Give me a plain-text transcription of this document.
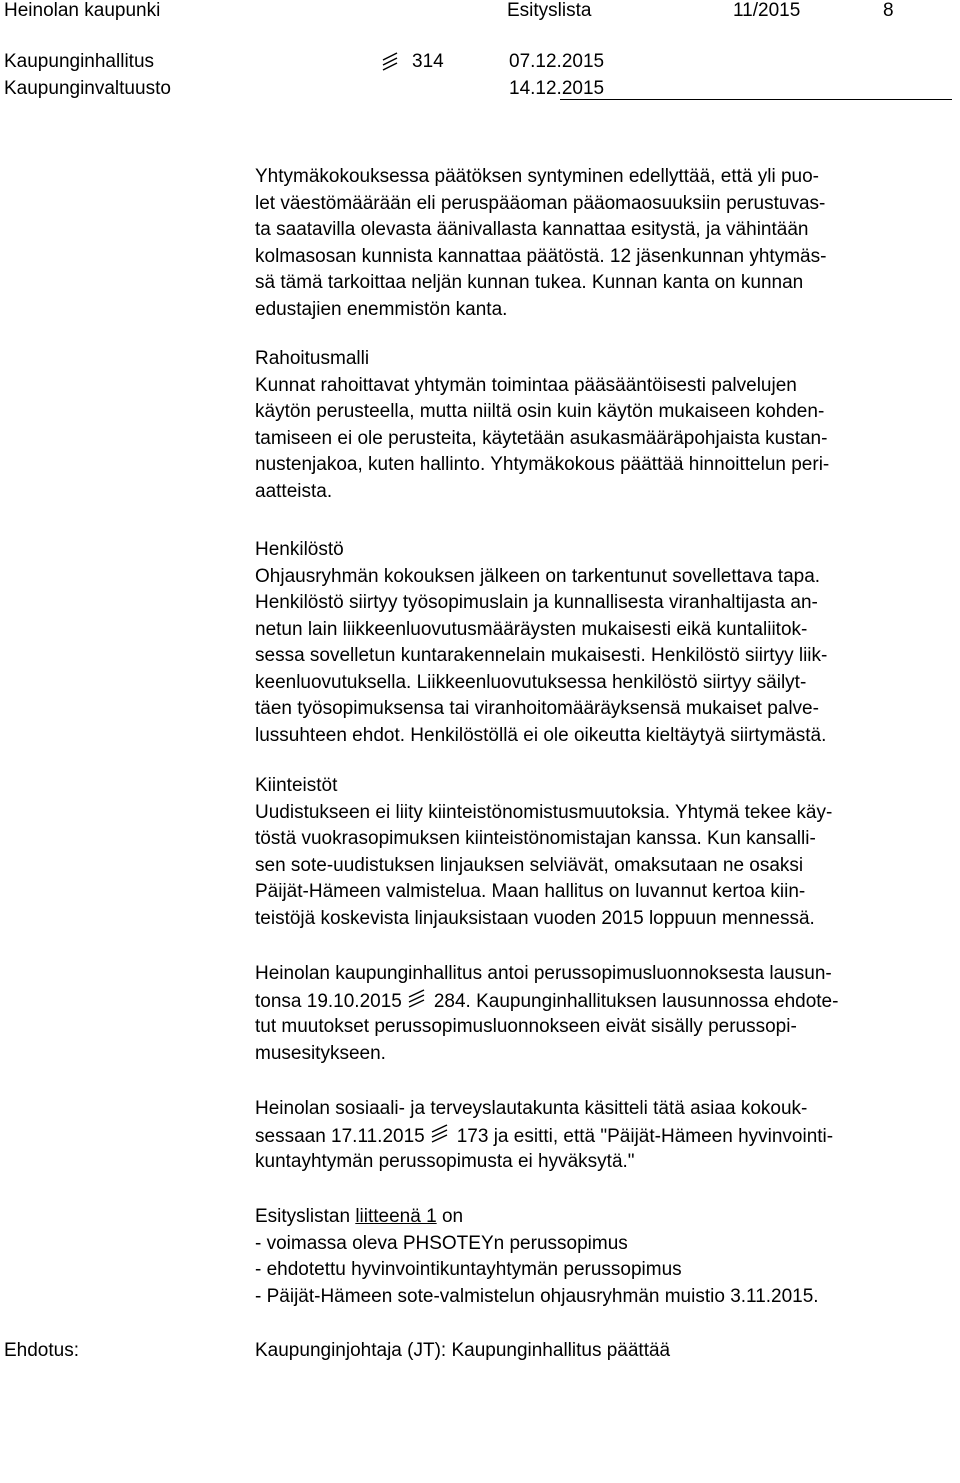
Heinolan kaupunki	Esityslista	11/2015	8
Kaupunginhallitus	314	07.12.2015
Kaupunginvaltuusto	14.12.2015
Yhtymäkokouksessa päätöksen syntyminen edellyttää, että yli puo-
let väestömäärään eli peruspääoman pääomaosuuksiin perustuvas-
ta saatavilla olevasta äänivallasta kannattaa esitystä, ja vähintään
kolmasosan kunnista kannattaa päätöstä. 12 jäsenkunnan yhtymäs-
sä tämä tarkoittaa neljän kunnan tukea. Kunnan kanta on kunnan
edustajien enemmistön kanta.
Rahoitusmalli
Kunnat rahoittavat yhtymän toimintaa pääsääntöisesti palvelujen
käytön perusteella, mutta niiltä osin kuin käytön mukaiseen kohden-
tamiseen ei ole perusteita, käytetään asukasmääräpohjaista kustan-
nustenjakoa, kuten hallinto. Yhtymäkokous päättää hinnoittelun peri-
aatteista.
Henkilöstö
Ohjausryhmän kokouksen jälkeen on tarkentunut sovellettava tapa.
Henkilöstö siirtyy työsopimuslain ja kunnallisesta viranhaltijasta an-
netun lain liikkeenluovutusmääräysten mukaisesti eikä kuntaliitok-
sessa sovelletun kuntarakennelain mukaisesti. Henkilöstö siirtyy liik-
keenluovutuksella. Liikkeenluovutuksessa henkilöstö siirtyy säilyt-
täen työsopimuksensa tai viranhoitomääräyksensä mukaiset palve-
lussuhteen ehdot. Henkilöstöllä ei ole oikeutta kieltäytyä siirtymästä.
Kiinteistöt
Uudistukseen ei liity kiinteistönomistusmuutoksia. Yhtymä tekee käy-
töstä vuokrasopimuksen kiinteistönomistajan kanssa. Kun kansalli-
sen sote-uudistuksen linjauksen selviävät, omaksutaan ne osaksi
Päijät-Hämeen valmistelua. Maan hallitus on luvannut kertoa kiin-
teistöjä koskevista linjauksistaan vuoden 2015 loppuun mennessä.
Heinolan kaupunginhallitus antoi perussopimusluonnoksesta lausun-
tonsa 19.10.2015 284. Kaupunginhallituksen lausunnossa ehdote-
tut muutokset perussopimusluonnokseen eivät sisälly perussopi-
musesitykseen.
Heinolan sosiaali- ja terveyslautakunta käsitteli tätä asiaa kokouk-
sessaan 17.11.2015 173 ja esitti, että "Päijät-Hämeen hyvinvointi-
kuntayhtymän perussopimusta ei hyväksytä."
Esityslistan liitteenä 1 on
- voimassa oleva PHSOTEYn perussopimus
- ehdotettu hyvinvointikuntayhtymän perussopimus
- Päijät-Hämeen sote-valmistelun ohjausryhmän muistio 3.11.2015.
Ehdotus:	Kaupunginjohtaja (JT): Kaupunginhallitus päättää
